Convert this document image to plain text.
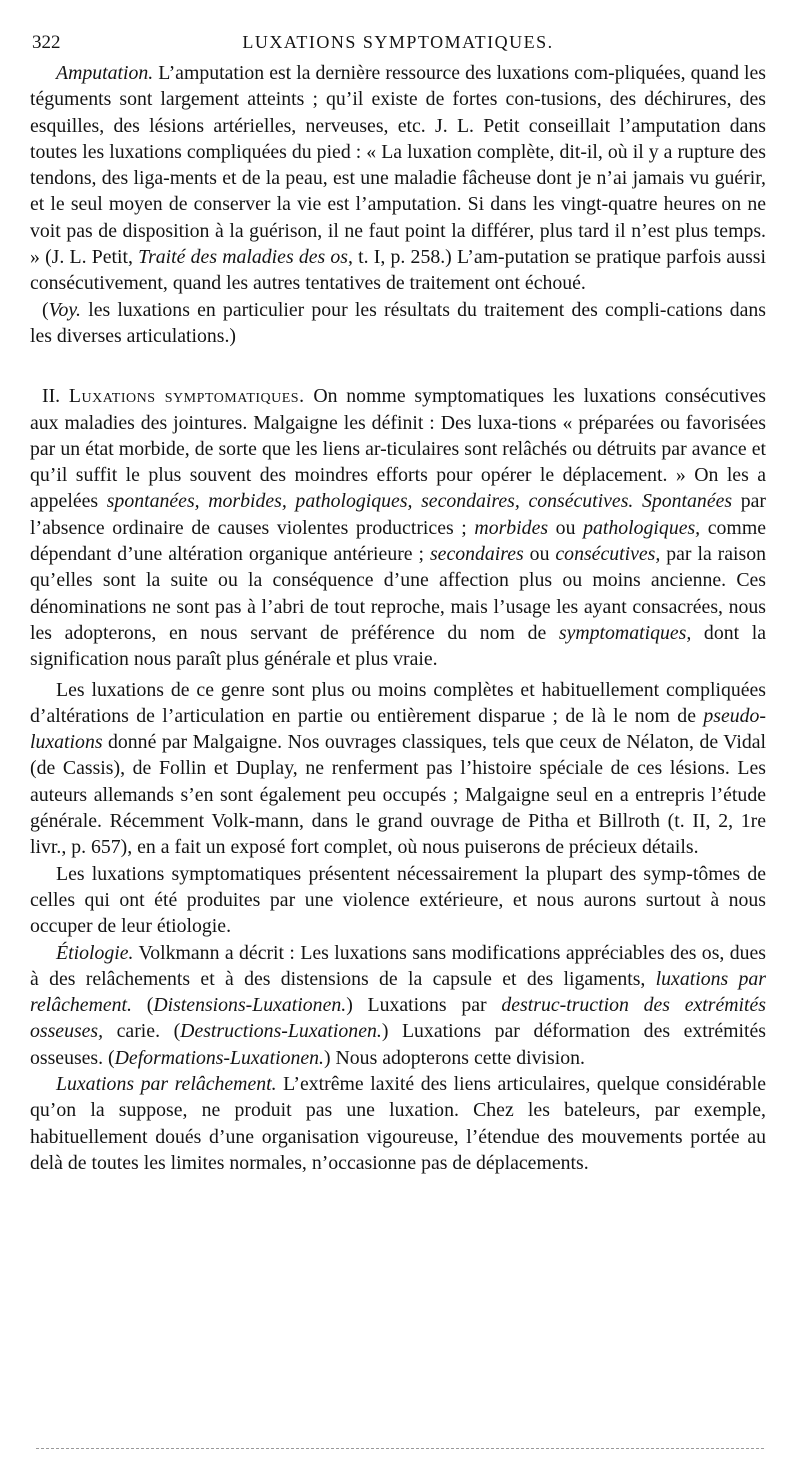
322	LUXATIONS SYMPTOMATIQUES.

Amputation. L’amputation est la dernière ressource des luxations com-pliquées, quand les téguments sont largement atteints ; qu’il existe de fortes con-tusions, des déchirures, des esquilles, des lésions artérielles, nerveuses, etc. J. L. Petit conseillait l’amputation dans toutes les luxations compliquées du pied : « La luxation complète, dit-il, où il y a rupture des tendons, des liga-ments et de la peau, est une maladie fâcheuse dont je n’ai jamais vu guérir, et le seul moyen de conserver la vie est l’amputation. Si dans les vingt-quatre heures on ne voit pas de disposition à la guérison, il ne faut point la différer, plus tard il n’est plus temps. » (J. L. Petit, Traité des maladies des os, t. I, p. 258.) L’am-putation se pratique parfois aussi consécutivement, quand les autres tentatives de traitement ont échoué.

(Voy. les luxations en particulier pour les résultats du traitement des compli-cations dans les diverses articulations.)

II. Luxations symptomatiques. On nomme symptomatiques les luxations consécutives aux maladies des jointures. Malgaigne les définit : Des luxa-tions « préparées ou favorisées par un état morbide, de sorte que les liens ar-ticulaires sont relâchés ou détruits par avance et qu’il suffit le plus souvent des moindres efforts pour opérer le déplacement. » On les a appelées spontanées, morbides, pathologiques, secondaires, consécutives. Spontanées par l’absence ordinaire de causes violentes productrices ; morbides ou pathologiques, comme dépendant d’une altération organique antérieure ; secondaires ou consécutives, par la raison qu’elles sont la suite ou la conséquence d’une affection plus ou moins ancienne. Ces dénominations ne sont pas à l’abri de tout reproche, mais l’usage les ayant consacrées, nous les adopterons, en nous servant de préférence du nom de symptomatiques, dont la signification nous paraît plus générale et plus vraie.

Les luxations de ce genre sont plus ou moins complètes et habituellement compliquées d’altérations de l’articulation en partie ou entièrement disparue ; de là le nom de pseudo-luxations donné par Malgaigne. Nos ouvrages classiques, tels que ceux de Nélaton, de Vidal (de Cassis), de Follin et Duplay, ne renferment pas l’histoire spéciale de ces lésions. Les auteurs allemands s’en sont également peu occupés ; Malgaigne seul en a entrepris l’étude générale. Récemment Volk-mann, dans le grand ouvrage de Pitha et Billroth (t. II, 2, 1re livr., p. 657), en a fait un exposé fort complet, où nous puiserons de précieux détails.

Les luxations symptomatiques présentent nécessairement la plupart des symp-tômes de celles qui ont été produites par une violence extérieure, et nous aurons surtout à nous occuper de leur étiologie.

Étiologie. Volkmann a décrit : Les luxations sans modifications appréciables des os, dues à des relâchements et à des distensions de la capsule et des ligaments, luxations par relâchement. (Distensions-Luxationen.) Luxations par destruc-truction des extrémités osseuses, carie. (Destructions-Luxationen.) Luxations par déformation des extrémités osseuses. (Deformations-Luxationen.) Nous adopterons cette division.

Luxations par relâchement. L’extrême laxité des liens articulaires, quelque considérable qu’on la suppose, ne produit pas une luxation. Chez les bateleurs, par exemple, habituellement doués d’une organisation vigoureuse, l’étendue des mouvements portée au delà de toutes les limites normales, n’occasionne pas de déplacements.
